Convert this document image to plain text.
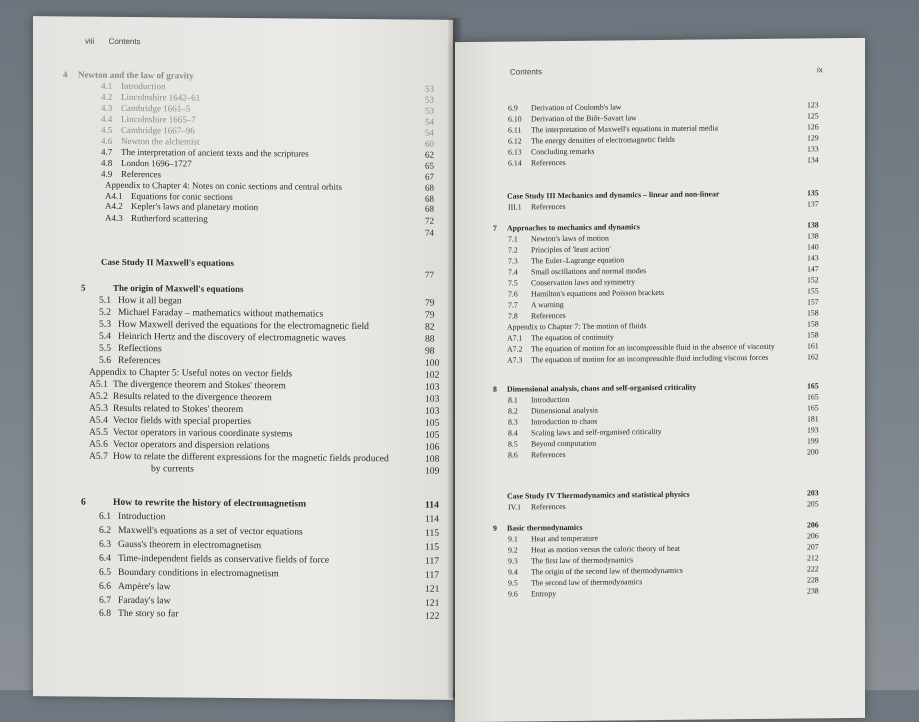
viii Contents
4 Newton and the law of gravity
4.1 Introduction	53
4.2 Lincolnshire 1642–61	53
4.3 Cambridge 1661–5	53
4.4 Lincolnshire 1665–7	54
4.5 Cambridge 1667–96	54
4.6 Newton the alchemist	60
4.7 The interpretation of ancient texts and the scriptures	62
4.8 London 1696–1727	65
4.9 References	67
Appendix to Chapter 4: Notes on conic sections and central orbits	68
A4.1 Equations for conic sections	68
A4.2 Kepler's laws and planetary motion	68
A4.3 Rutherford scattering	72
74
Case Study II Maxwell's equations
77
5	The origin of Maxwell's equations
5.1 How it all began	79
5.2 Michael Faraday – mathematics without mathematics	79
5.3 How Maxwell derived the equations for the electromagnetic field	82
5.4 Heinrich Hertz and the discovery of electromagnetic waves	88
5.5 Reflections	98
5.6 References	100
Appendix to Chapter 5: Useful notes on vector fields	102
A5.1 The divergence theorem and Stokes' theorem	103
A5.2 Results related to the divergence theorem	103
A5.3 Results related to Stokes' theorem	103
A5.4 Vector fields with special properties	105
A5.5 Vector operators in various coordinate systems	105
A5.6 Vector operators and dispersion relations	106
A5.7 How to relate the different expressions for the magnetic fields produced	108
by currents	109
6	How to rewrite the history of electromagnetism	114
6.1 Introduction	114
6.2 Maxwell's equations as a set of vector equations	115
6.3 Gauss's theorem in electromagnetism	115
6.4 Time-independent fields as conservative fields of force	117
6.5 Boundary conditions in electromagnetism	117
6.6 Ampère's law	121
6.7 Faraday's law	121
6.8 The story so far	122
Contents	ix
6.9 Derivation of Coulomb's law	123
6.10 Derivation of the Biôt–Savart law	125
6.11 The interpretation of Maxwell's equations in material media	126
6.12 The energy densities of electromagnetic fields	129
6.13 Concluding remarks	133
6.14 References	134
Case Study III Mechanics and dynamics – linear and non-linear	135
III.1 References	137
7 Approaches to mechanics and dynamics	138
7.1 Newton's laws of motion	138
7.2 Principles of 'least action'	140
7.3 The Euler–Lagrange equation	143
7.4 Small oscillations and normal modes	147
7.5 Conservation laws and symmetry	152
7.6 Hamilton's equations and Poisson brackets	155
7.7 A warning	157
7.8 References	158
Appendix to Chapter 7: The motion of fluids	158
A7.1 The equation of continuity	158
A7.2 The equation of motion for an incompressible fluid in the absence of viscosity	161
A7.3 The equation of motion for an incompressible fluid including viscous forces	162
8 Dimensional analysis, chaos and self-organised criticality	165
8.1 Introduction	165
8.2 Dimensional analysis	165
8.3 Introduction to chaos	181
8.4 Scaling laws and self-organised criticality	193
8.5 Beyond computation	199
8.6 References	200
Case Study IV Thermodynamics and statistical physics	203
IV.1 References	205
9 Basic thermodynamics	206
9.1 Heat and temperature	206
9.2 Heat as motion versus the caloric theory of heat	207
9.3 The first law of thermodynamics	212
9.4 The origin of the second law of thermodynamics	222
9.5 The second law of thermodynamics	228
9.6 Entropy	238
